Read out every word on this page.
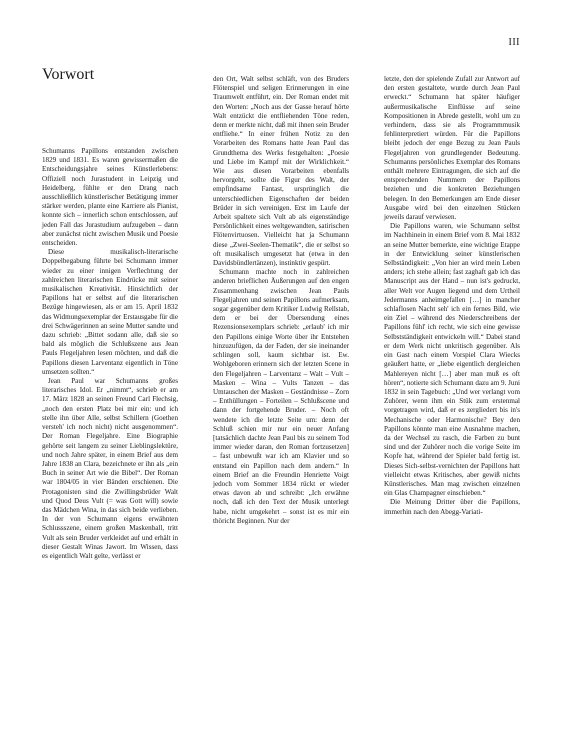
III
Vorwort

Schumanns Papillons entstanden zwischen 1829 und 1831. Es waren gewissermaßen die Entscheidungsjahre seines Künstlerlebens: Offiziell noch Jurastudent in Leipzig und Heidelberg, fühlte er den Drang nach ausschließlich künstlerischer Betätigung immer stärker werden, plante eine Karriere als Pianist, konnte sich – innerlich schon entschlossen, auf jeden Fall das Jurastudium aufzugeben – dann aber zunächst nicht zwischen Musik und Poesie entscheiden.

Diese musikalisch-literarische Doppelbegabung führte bei Schumann immer wieder zu einer innigen Verflechtung der zahlreichen literarischen Eindrücke mit seiner musikalischen Kreativität. Hinsichtlich der Papillons hat er selbst auf die literarischen Bezüge hingewiesen, als er am 15. April 1832 das Widmungsexemplar der Erstausgabe für die drei Schwägerinnen an seine Mutter sandte und dazu schrieb: „Bittet sodann alle, daß sie so bald als möglich die Schlußszene aus Jean Pauls Flegeljahren lesen möchten, und daß die Papillons diesen Larventanz eigentlich in Töne umsetzen sollten.“

Jean Paul war Schumanns großes literarisches Idol. Er „nimmt“, schrieb er am 17. März 1828 an seinen Freund Carl Flechsig, „noch den ersten Platz bei mir ein: und ich stelle ihn über Alle, selbst Schillern (Goethen versteh' ich noch nicht) nicht ausgenommen“. Der Roman Flegeljahre. Eine Biographie gehörte seit langem zu seiner Lieblingslektüre, und noch Jahre später, in einem Brief aus dem Jahre 1838 an Clara, bezeichnete er ihn als „ein Buch in seiner Art wie die Bibel“. Der Roman war 1804/05 in vier Bänden erschienen. Die Protagonisten sind die Zwillingsbrüder Walt und Quod Deus Vult (= was Gott will) sowie das Mädchen Wina, in das sich beide verlieben. In der von Schumann eigens erwähnten Schlussszene, einem großen Maskenball, tritt Vult als sein Bruder verkleidet auf und erhält in dieser Gestalt Winas Jawort. Im Wissen, dass es eigentlich Walt gelte, verlässt er

den Ort, Walt selbst schläft, von des Bruders Flötenspiel und seligen Erinnerungen in eine Traumwelt entführt, ein. Der Roman endet mit den Worten: „Noch aus der Gasse herauf hörte Walt entzückt die entfliehenden Töne reden, denn er merkte nicht, daß mit ihnen sein Bruder entfliehe.“ In einer frühen Notiz zu den Vorarbeiten des Romans hatte Jean Paul das Grundthema des Werks festgehalten: „Poesie und Liebe im Kampf mit der Wirklichkeit.“ Wie aus diesen Vorarbeiten ebenfalls hervorgeht, sollte die Figur des Walt, der empfindsame Fantast, ursprünglich die unterschiedlichen Eigenschaften der beiden Brüder in sich vereinigen. Erst im Laufe der Arbeit spaltete sich Vult ab als eigenständige Persönlichkeit eines weltgewandten, satirischen Flötenvirtuosen. Vielleicht hat ja Schumann diese „Zwei-Seelen-Thematik“, die er selbst so oft musikalisch umgesetzt hat (etwa in den Davidsbündlertänzen), instinktiv gespürt.

Schumann machte noch in zahlreichen anderen brieflichen Äußerungen auf den engen Zusammenhang zwischen Jean Pauls Flegeljahren und seinen Papillons aufmerksam, sogar gegenüber dem Kritiker Ludwig Rellstab, dem er bei der Übersendung eines Rezensionsexemplars schrieb: „erlaub' ich mir den Papillons einige Worte über ihr Entstehen hinzuzufügen, da der Faden, der sie ineinander schlingen soll, kaum sichtbar ist. Ew. Wohlgeboren erinnern sich der letzten Scene in den Flegeljahren – Larventanz – Walt – Vult – Masken – Wina – Vults Tanzen – das Umtauschen der Masken – Geständnisse – Zorn – Enthüllungen – Forteilen – Schlußscene und dann der fortgehende Bruder. – Noch oft wendete ich die letzte Seite um: denn der Schluß schien mir nur ein neuer Anfang [tatsächlich dachte Jean Paul bis zu seinem Tod immer wieder daran, den Roman fortzusetzen] – fast unbewußt war ich am Klavier und so entstand ein Papillon nach dem andern.“ In einem Brief an die Freundin Henriette Voigt jedoch vom Sommer 1834 rückt er wieder etwas davon ab und schreibt: „Ich erwähne noch, daß ich den Text der Musik unterlegt habe, nicht umgekehrt – sonst ist es mir ein thöricht Beginnen. Nur der

letzte, den der spielende Zufall zur Antwort auf den ersten gestaltete, wurde durch Jean Paul erweckt.“ Schumann hat später häufiger außermusikalische Einflüsse auf seine Kompositionen in Abrede gestellt, wohl um zu verhindern, dass sie als Programmmusik fehlinterpretiert würden. Für die Papillons bleibt jedoch der enge Bezug zu Jean Pauls Flegeljahren von grundlegender Bedeutung. Schumanns persönliches Exemplar des Romans enthält mehrere Eintragungen, die sich auf die entsprechenden Nummern der Papillons beziehen und die konkreten Beziehungen belegen. In den Bemerkungen am Ende dieser Ausgabe wird bei den einzelnen Stücken jeweils darauf verwiesen.

Die Papillons waren, wie Schumann selbst im Nachhinein in einem Brief vom 8. Mai 1832 an seine Mutter bemerkte, eine wichtige Etappe in der Entwicklung seiner künstlerischen Selbständigkeit: „Von hier an wird mein Leben anders; ich stehe allein; fast zaghaft gab ich das Manuscript aus der Hand – nun ist's gedruckt, aller Welt vor Augen liegend und dem Urtheil Jedermanns anheimgefallen […] in mancher schlaflosen Nacht seh' ich ein fernes Bild, wie ein Ziel – während des Niederschreibens der Papillons fühl' ich recht, wie sich eine gewisse Selbstständigkeit entwickeln will.“ Dabei stand er dem Werk nicht unkritisch gegenüber. Als ein Gast nach einem Vorspiel Clara Wiecks geäußert hatte, er „liebe eigentlich dergleichen Mahlereyen nicht […] aber man muß es oft hören“, notierte sich Schumann dazu am 9. Juni 1832 in sein Tagebuch: „Und wer verlangt vom Zuhörer, wenn ihm ein Stük zum erstenmal vorgetragen wird, daß er es zergliedert bis in's Mechanische oder Harmonische? Bey den Papillons könnte man eine Ausnahme machen, da der Wechsel zu rasch, die Farben zu bunt sind und der Zuhörer noch die vorige Seite im Kopfe hat, während der Spieler bald fertig ist. Dieses Sich-selbst-vernichten der Papillons hatt vielleicht etwas Kritisches, aber gewiß nichts Künstlerisches. Man mag zwischen einzelnen ein Glas Champagner einschieben.“

Die Meinung Dritter über die Papillons, immerhin nach den Abegg-Variati-
